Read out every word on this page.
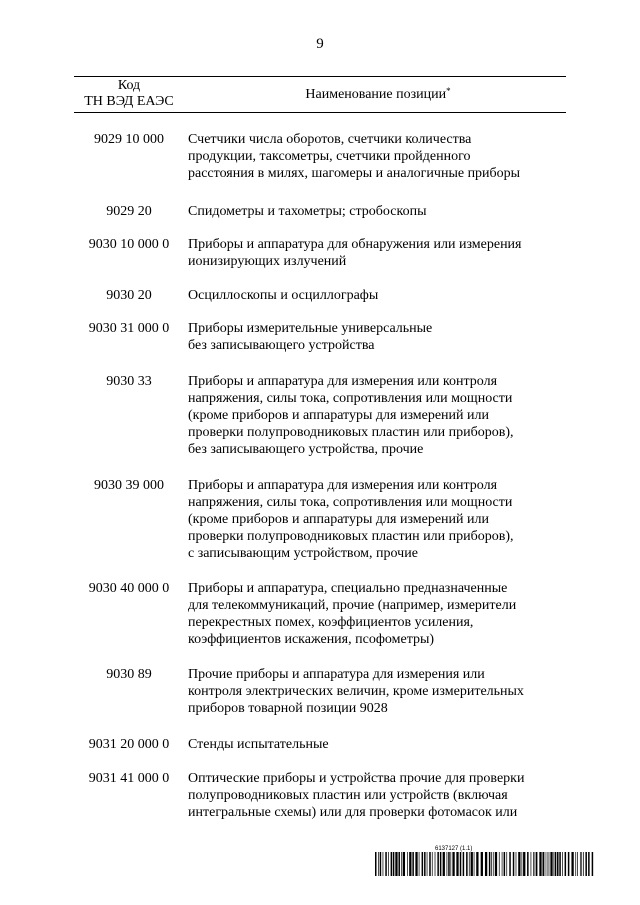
9
Код
ТН ВЭД ЕАЭС	Наименование позиции*
9029 10 000	Счетчики числа оборотов, счетчики количества
продукции, таксометры, счетчики пройденного
расстояния в милях, шагомеры и аналогичные приборы
9029 20	Спидометры и тахометры; стробоскопы
9030 10 000 0	Приборы и аппаратура для обнаружения или измерения
ионизирующих излучений
9030 20	Осциллоскопы и осциллографы
9030 31 000 0	Приборы измерительные универсальные
без записывающего устройства
9030 33	Приборы и аппаратура для измерения или контроля
напряжения, силы тока, сопротивления или мощности
(кроме приборов и аппаратуры для измерений или
проверки полупроводниковых пластин или приборов),
без записывающего устройства, прочие
9030 39 000	Приборы и аппаратура для измерения или контроля
напряжения, силы тока, сопротивления или мощности
(кроме приборов и аппаратуры для измерений или
проверки полупроводниковых пластин или приборов),
с записывающим устройством, прочие
9030 40 000 0	Приборы и аппаратура, специально предназначенные
для телекоммуникаций, прочие (например, измерители
перекрестных помех, коэффициентов усиления,
коэффициентов искажения, псофометры)
9030 89	Прочие приборы и аппаратура для измерения или
контроля электрических величин, кроме измерительных
приборов товарной позиции 9028
9031 20 000 0	Стенды испытательные
9031 41 000 0	Оптические приборы и устройства прочие для проверки
полупроводниковых пластин или устройств (включая
интегральные схемы) или для проверки фотомасок или
6137127 (1.1)
